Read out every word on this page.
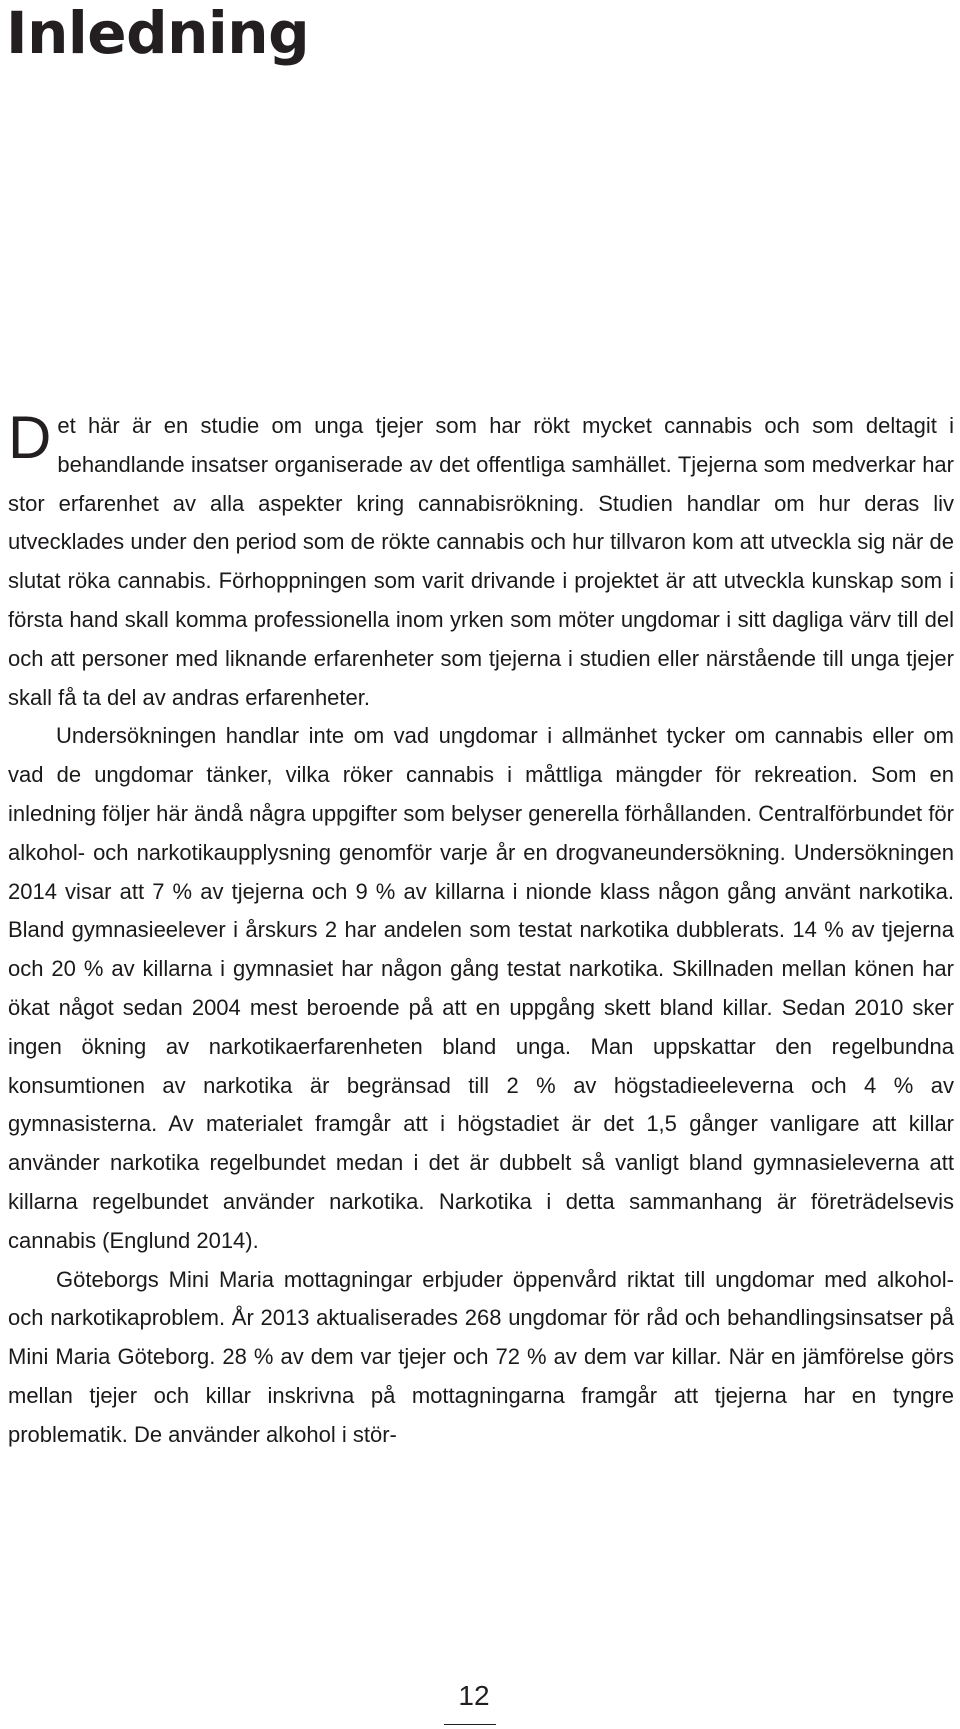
Inledning

Det här är en studie om unga tjejer som har rökt mycket cannabis och som deltagit i behandlande insatser organiserade av det offentliga samhället. Tjejerna som medverkar har stor erfarenhet av alla aspekter kring cannabisrökning. Studien handlar om hur deras liv utvecklades under den period som de rökte cannabis och hur tillvaron kom att utveckla sig när de slutat röka cannabis. Förhoppningen som varit drivande i projektet är att utveckla kunskap som i första hand skall komma professionella inom yrken som möter ungdomar i sitt dagliga värv till del och att personer med liknande erfarenheter som tjejerna i studien eller närstående till unga tjejer skall få ta del av andras erfarenheter.

Undersökningen handlar inte om vad ungdomar i allmänhet tycker om cannabis eller om vad de ungdomar tänker, vilka röker cannabis i måttliga mängder för rekreation. Som en inledning följer här ändå några uppgifter som belyser generella förhållanden. Centralförbundet för alkohol- och narkotikaupplysning genomför varje år en drogvaneundersökning. Undersökningen 2014 visar att 7 % av tjejerna och 9 % av killarna i nionde klass någon gång använt narkotika. Bland gymnasieelever i årskurs 2 har andelen som testat narkotika dubblerats. 14 % av tjejerna och 20 % av killarna i gymnasiet har någon gång testat narkotika. Skillnaden mellan könen har ökat något sedan 2004 mest beroende på att en uppgång skett bland killar. Sedan 2010 sker ingen ökning av narkotikaerfarenheten bland unga. Man uppskattar den regelbundna konsumtionen av narkotika är begränsad till 2 % av högstadieeleverna och 4 % av gymnasisterna. Av materialet framgår att i högstadiet är det 1,5 gånger vanligare att killar använder narkotika regelbundet medan i det är dubbelt så vanligt bland gymnasieleverna att killarna regelbundet använder narkotika. Narkotika i detta sammanhang är företrädelsevis cannabis (Englund 2014).

Göteborgs Mini Maria mottagningar erbjuder öppenvård riktat till ungdomar med alkohol- och narkotikaproblem. År 2013 aktualiserades 268 ungdomar för råd och behandlingsinsatser på Mini Maria Göteborg. 28 % av dem var tjejer och 72 % av dem var killar. När en jämförelse görs mellan tjejer och killar inskrivna på mottagningarna framgår att tjejerna har en tyngre problematik. De använder alkohol i stör-

12
